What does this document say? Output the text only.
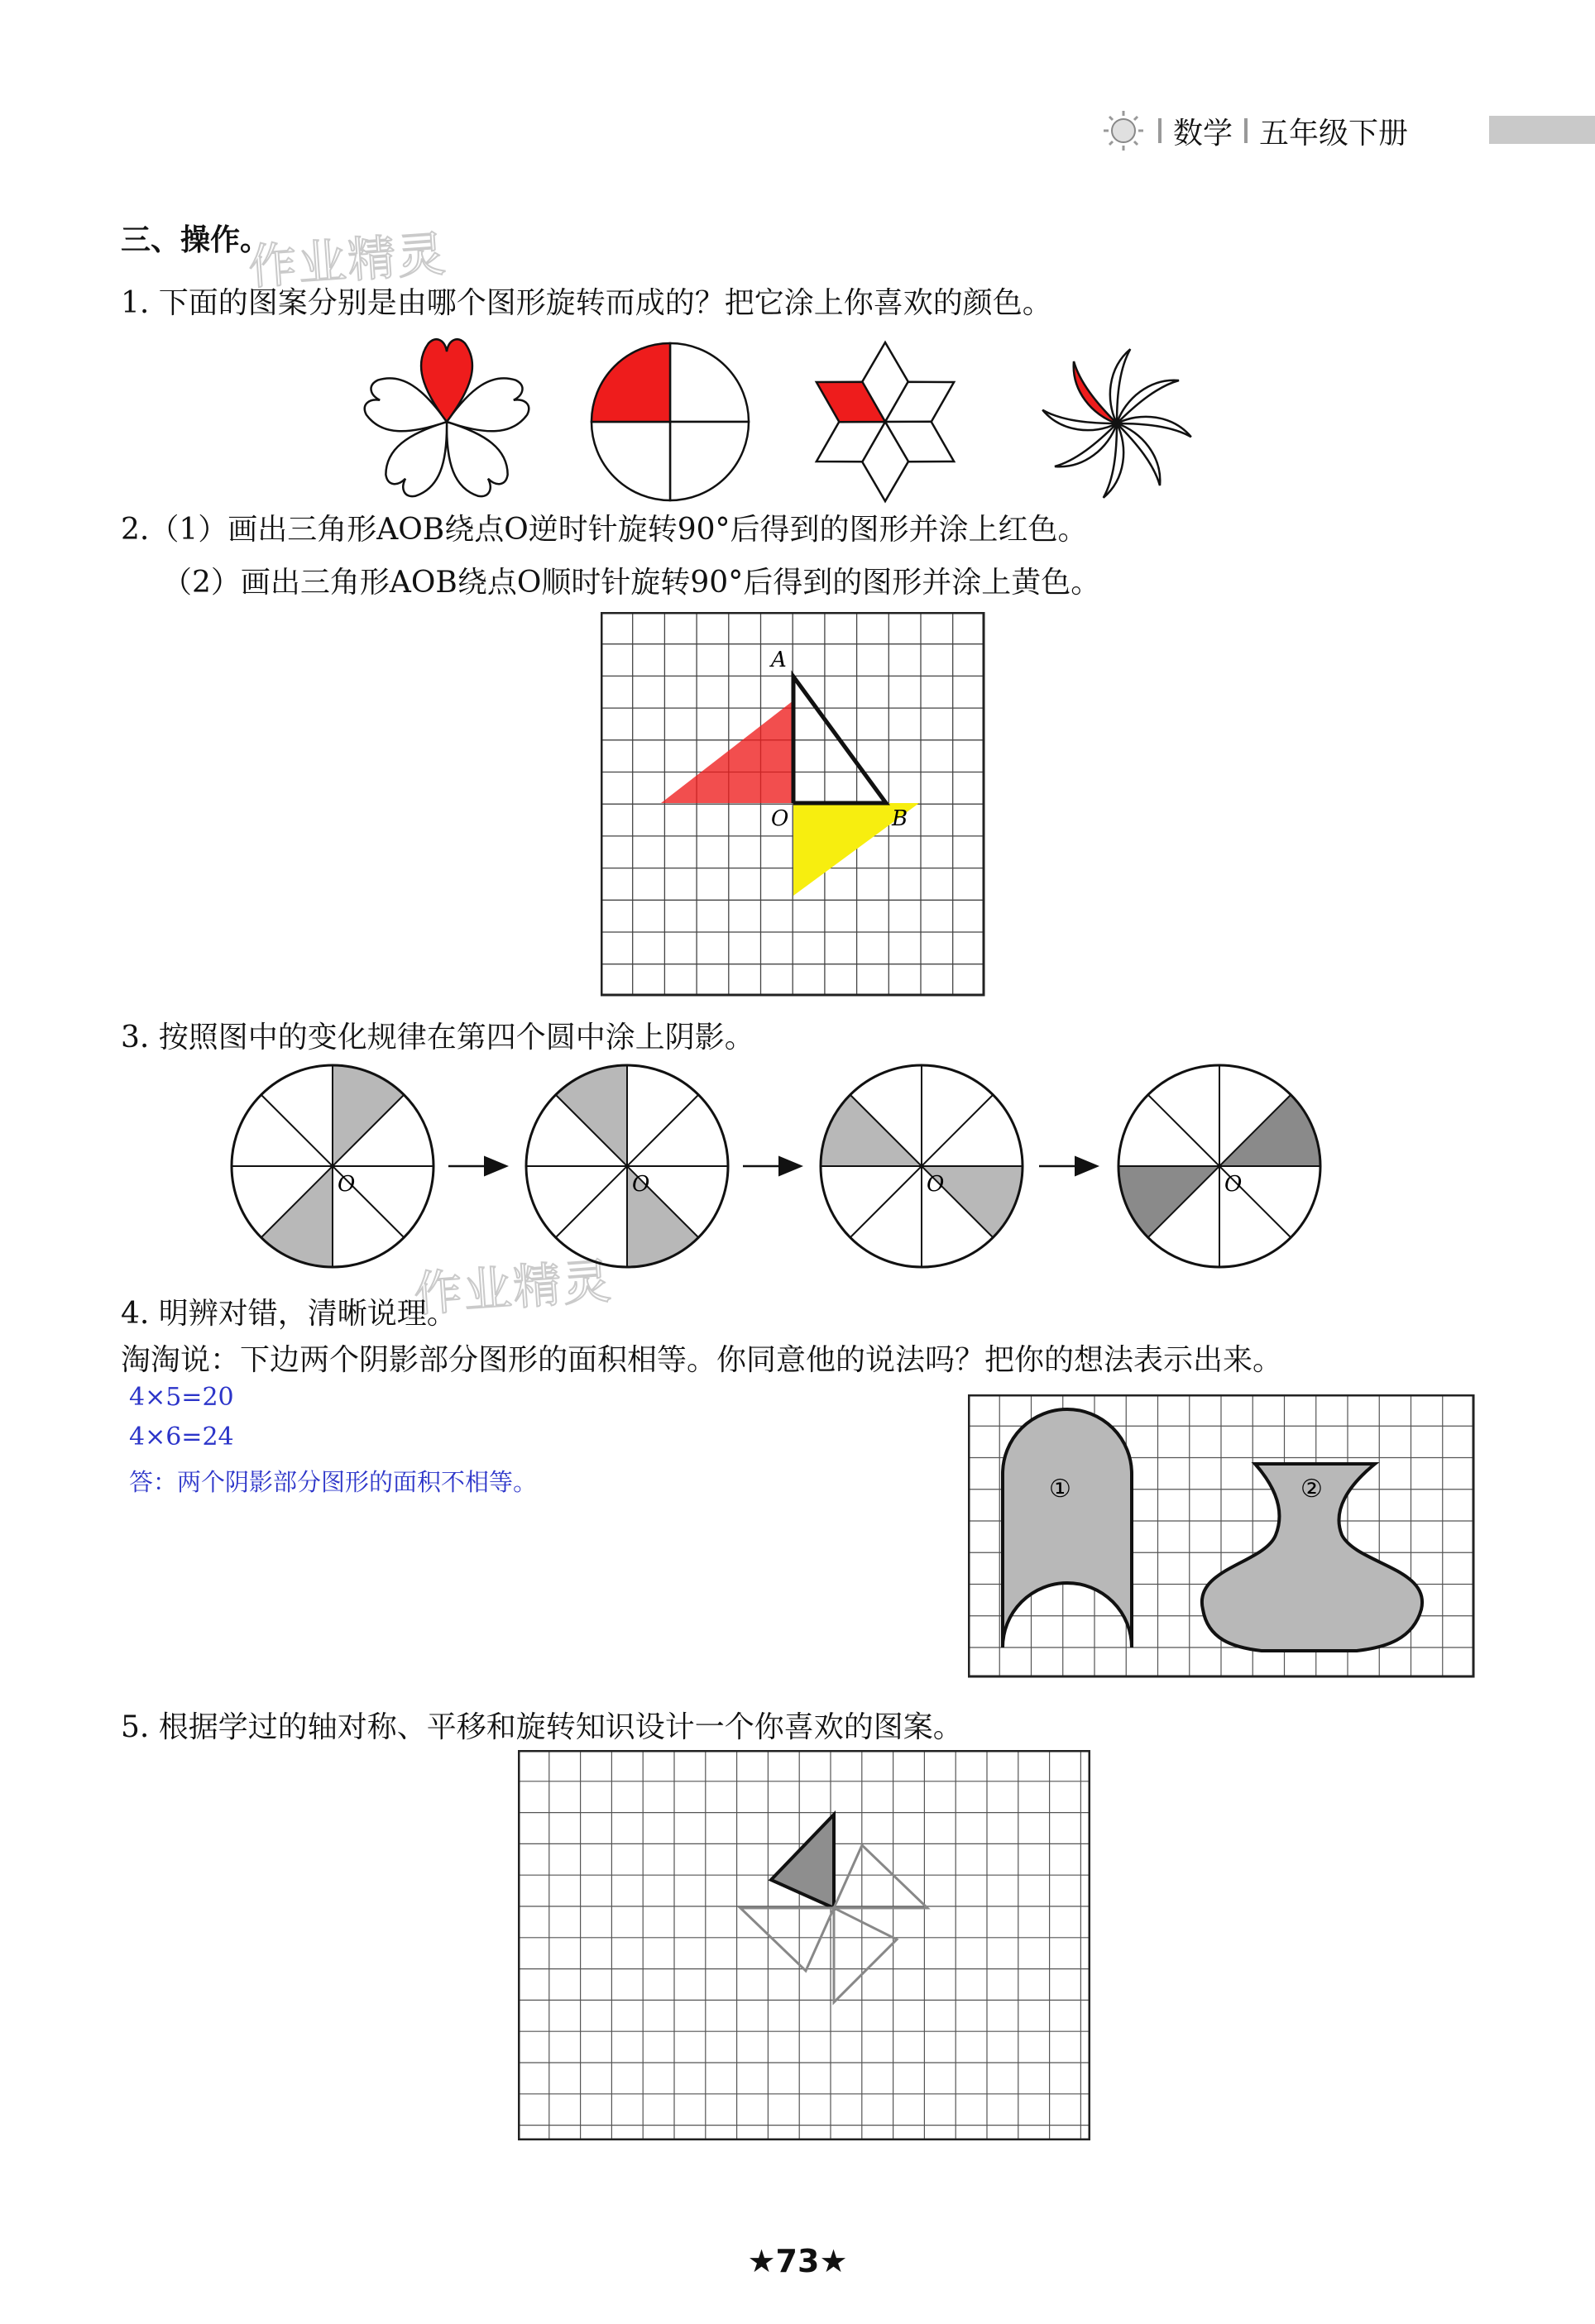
数学 五年级下册
作业精灵
作业精灵
三、操作。
1. 下面的图案分别是由哪个图形旋转而成的？把它涂上你喜欢的颜色。
2.（1）画出三角形AOB绕点O逆时针旋转90°后得到的图形并涂上红色。
（2）画出三角形AOB绕点O顺时针旋转90°后得到的图形并涂上黄色。
A
O	B
3. 按照图中的变化规律在第四个圆中涂上阴影。
O	O	O	O
4. 明辨对错，清晰说理。
淘淘说：下边两个阴影部分图形的面积相等。你同意他的说法吗？把你的想法表示出来。
4×5=20
4×6=24
答：两个阴影部分图形的面积不相等。	①	②
5. 根据学过的轴对称、平移和旋转知识设计一个你喜欢的图案。
★73★
